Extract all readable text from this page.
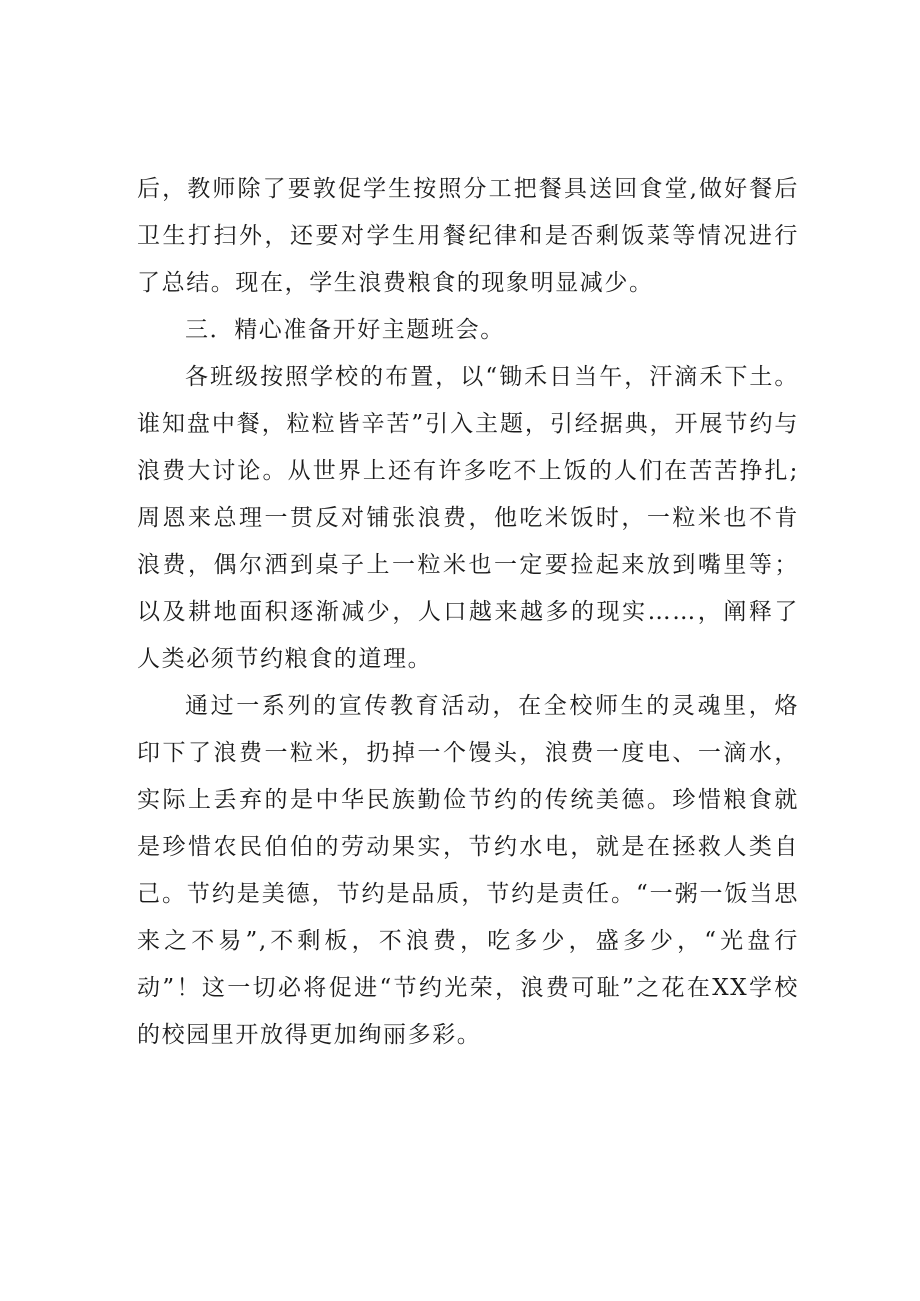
后，教师除了要敦促学生按照分工把餐具送回食堂,做好餐后卫生打扫外，还要对学生用餐纪律和是否剩饭菜等情况进行了总结。现在，学生浪费粮食的现象明显减少。

三．精心准备开好主题班会。

各班级按照学校的布置，以“锄禾日当午，汗滴禾下土。谁知盘中餐，粒粒皆辛苦”引入主题，引经据典，开展节约与浪费大讨论。从世界上还有许多吃不上饭的人们在苦苦挣扎;周恩来总理一贯反对铺张浪费，他吃米饭时，一粒米也不肯浪费，偶尔洒到桌子上一粒米也一定要捡起来放到嘴里等；以及耕地面积逐渐减少，人口越来越多的现实……，阐释了人类必须节约粮食的道理。

通过一系列的宣传教育活动，在全校师生的灵魂里，烙印下了浪费一粒米，扔掉一个馒头，浪费一度电、一滴水，实际上丢弃的是中华民族勤俭节约的传统美德。珍惜粮食就是珍惜农民伯伯的劳动果实，节约水电，就是在拯救人类自己。节约是美德，节约是品质，节约是责任。“一粥一饭当思来之不易”,不剩板，不浪费，吃多少，盛多少，“光盘行动”！这一切必将促进“节约光荣，浪费可耻”之花在XX学校的校园里开放得更加绚丽多彩。
